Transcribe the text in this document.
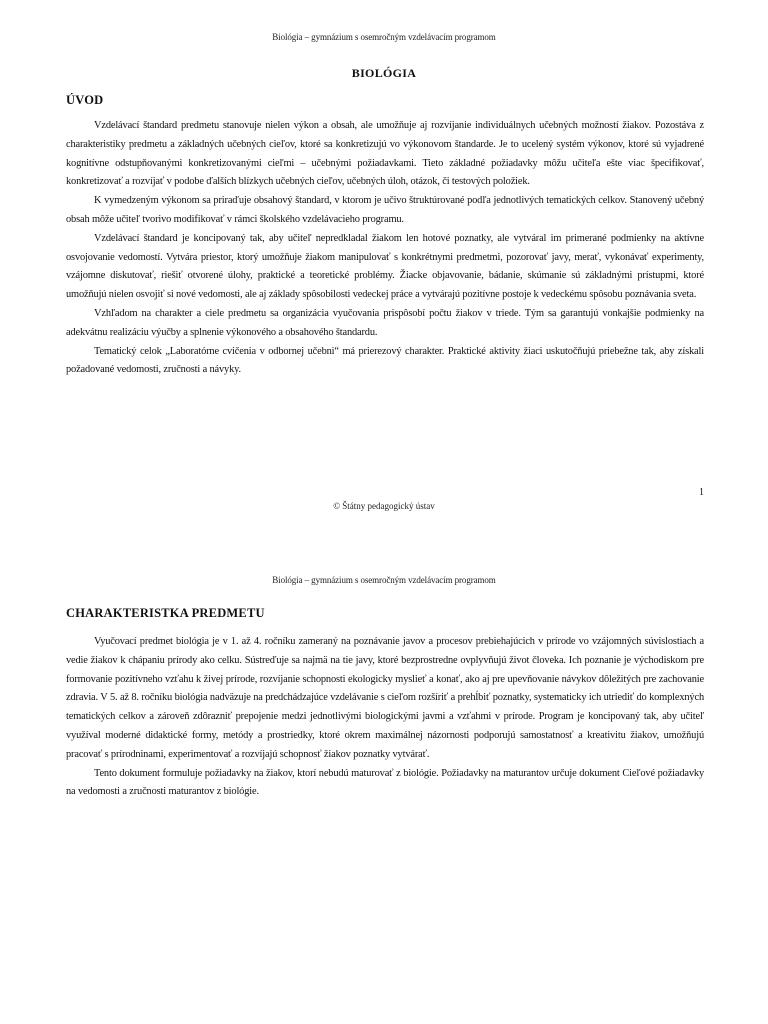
Biológia – gymnázium s osemročným vzdelávacím programom
BIOLÓGIA
ÚVOD

Vzdelávací štandard predmetu stanovuje nielen výkon a obsah, ale umožňuje aj rozvíjanie individuálnych učebných možností žiakov. Pozostáva z charakteristiky predmetu a základných učebných cieľov, ktoré sa konkretizujú vo výkonovom štandarde. Je to ucelený systém výkonov, ktoré sú vyjadrené kognitívne odstupňovanými konkretizovanými cieľmi – učebnými požiadavkami. Tieto základné požiadavky môžu učiteľa ešte viac špecifikovať, konkretizovať a rozvíjať v podobe ďalších blízkych učebných cieľov, učebných úloh, otázok, či testových položiek.

K vymedzeným výkonom sa priraďuje obsahový štandard, v ktorom je učivo štruktúrované podľa jednotlivých tematických celkov. Stanovený učebný obsah môže učiteľ tvorivo modifikovať v rámci školského vzdelávacieho programu.

Vzdelávací štandard je koncipovaný tak, aby učiteľ nepredkladal žiakom len hotové poznatky, ale vytváral im primerané podmienky na aktívne osvojovanie vedomostí. Vytvára priestor, ktorý umožňuje žiakom manipulovať s konkrétnymi predmetmi, pozorovať javy, merať, vykonávať experimenty, vzájomne diskutovať, riešiť otvorené úlohy, praktické a teoretické problémy. Žiacke objavovanie, bádanie, skúmanie sú základnými prístupmi, ktoré umožňujú nielen osvojiť si nové vedomosti, ale aj základy spôsobilosti vedeckej práce a vytvárajú pozitívne postoje k vedeckému spôsobu poznávania sveta.

Vzhľadom na charakter a ciele predmetu sa organizácia vyučovania prispôsobí počtu žiakov v triede. Tým sa garantujú vonkajšie podmienky na adekvátnu realizáciu výučby a splnenie výkonového a obsahového štandardu.

Tematický celok „Laboratórne cvičenia v odbornej učebni“ má prierezový charakter. Praktické aktivity žiaci uskutočňujú priebežne tak, aby získali požadované vedomosti, zručnosti a návyky.

1
© Štátny pedagogický ústav
Biológia – gymnázium s osemročným vzdelávacím programom
CHARAKTERISTKA PREDMETU

Vyučovací predmet biológia je v 1. až 4. ročníku zameraný na poznávanie javov a procesov prebiehajúcich v prírode vo vzájomných súvislostiach a vedie žiakov k chápaniu prírody ako celku. Sústreďuje sa najmä na tie javy, ktoré bezprostredne ovplyvňujú život človeka. Ich poznanie je východiskom pre formovanie pozitívneho vzťahu k živej prírode, rozvíjanie schopnosti ekologicky myslieť a konať, ako aj pre upevňovanie návykov dôležitých pre zachovanie zdravia. V 5. až 8. ročníku biológia nadväzuje na predchádzajúce vzdelávanie s cieľom rozšíriť a prehĺbiť poznatky, systematicky ich utriediť do komplexných tematických celkov a zároveň zdôrazniť prepojenie medzi jednotlivými biologickými javmi a vzťahmi v prírode. Program je koncipovaný tak, aby učiteľ využíval moderné didaktické formy, metódy a prostriedky, ktoré okrem maximálnej názornosti podporujú samostatnosť a kreativitu žiakov, umožňujú pracovať s prírodninami, experimentovať a rozvíjajú schopnosť žiakov poznatky vytvárať.

Tento dokument formuluje požiadavky na žiakov, ktorí nebudú maturovať z biológie. Požiadavky na maturantov určuje dokument Cieľové požiadavky na vedomosti a zručnosti maturantov z biológie.
